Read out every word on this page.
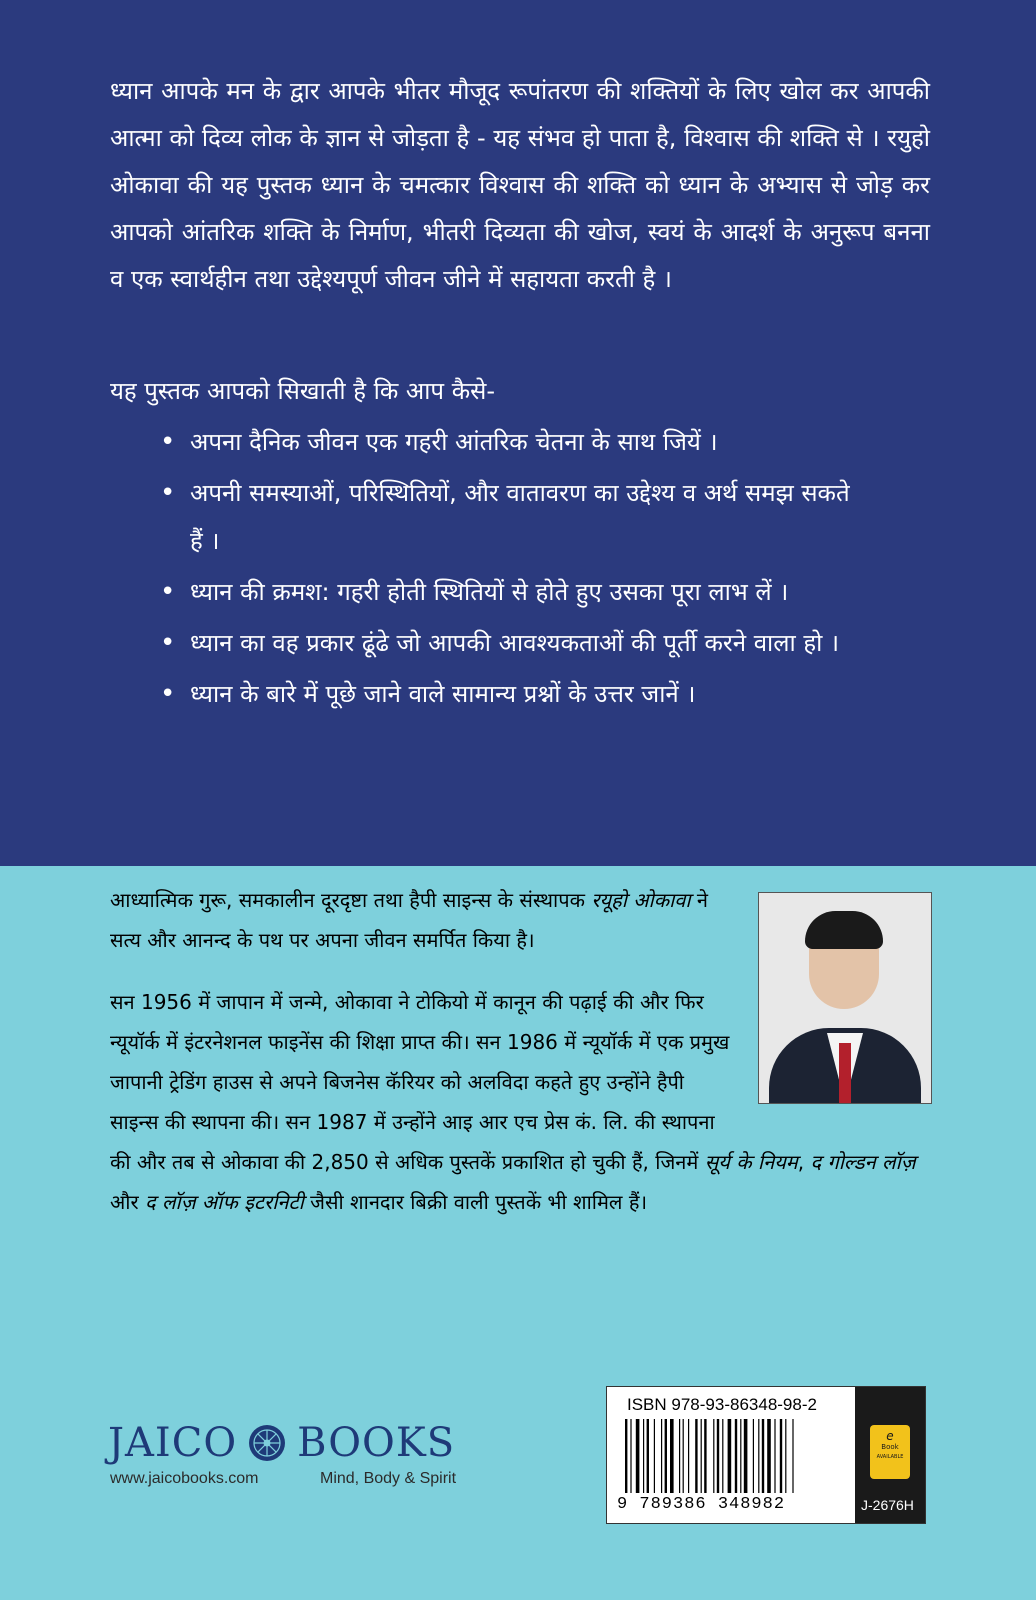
ध्यान आपके मन के द्वार आपके भीतर मौजूद रूपांतरण की शक्तियों के लिए खोल कर आपकी आत्मा को दिव्य लोक के ज्ञान से जोड़ता है - यह संभव हो पाता है, विश्वास की शक्ति से । रयुहो ओकावा की यह पुस्तक ध्यान के चमत्कार विश्वास की शक्ति को ध्यान के अभ्यास से जोड़ कर आपको आंतरिक शक्ति के निर्माण, भीतरी दिव्यता की खोज, स्वयं के आदर्श के अनुरूप बनना व एक स्वार्थहीन तथा उद्देश्यपूर्ण जीवन जीने में सहायता करती है ।

यह पुस्तक आपको सिखाती है कि आप कैसे-

• अपना दैनिक जीवन एक गहरी आंतरिक चेतना के साथ जियें ।
• अपनी समस्याओं, परिस्थितियों, और वातावरण का उद्देश्य व अर्थ समझ सकते हैं ।
• ध्यान की क्रमश: गहरी होती स्थितियों से होते हुए उसका पूरा लाभ लें ।
• ध्यान का वह प्रकार ढूंढे जो आपकी आवश्यकताओं की पूर्ती करने वाला हो ।
• ध्यान के बारे में पूछे जाने वाले सामान्य प्रश्नों के उत्तर जानें ।

आध्यात्मिक गुरू, समकालीन दूरदृष्टा तथा हैपी साइन्स के संस्थापक रयूहो ओकावा ने सत्य और आनन्द के पथ पर अपना जीवन समर्पित किया है।

सन 1956 में जापान में जन्मे, ओकावा ने टोकियो में कानून की पढ़ाई की और फिर न्यूयॉर्क में इंटरनेशनल फाइनेंस की शिक्षा प्राप्त की। सन 1986 में न्यूयॉर्क में एक प्रमुख जापानी ट्रेडिंग हाउस से अपने बिजनेस कॅरियर को अलविदा कहते हुए उन्होंने हैपी साइन्स की स्थापना की। सन 1987 में उन्होंने आइ आर एच प्रेस कं. लि. की स्थापना की और तब से ओकावा की 2,850 से अधिक पुस्तकें प्रकाशित हो चुकी हैं, जिनमें सूर्य के नियम, द गोल्डन लॉज़ और द लॉज़ ऑफ इटरनिटी जैसी शानदार बिक्री वाली पुस्तकें भी शामिल हैं।

JAICO BOOKS
www.jaicobooks.com	Mind, Body & Spirit
ISBN 978-93-86348-98-2
9 789386 348982
e
Book
AVAILABLE
J-2676H
